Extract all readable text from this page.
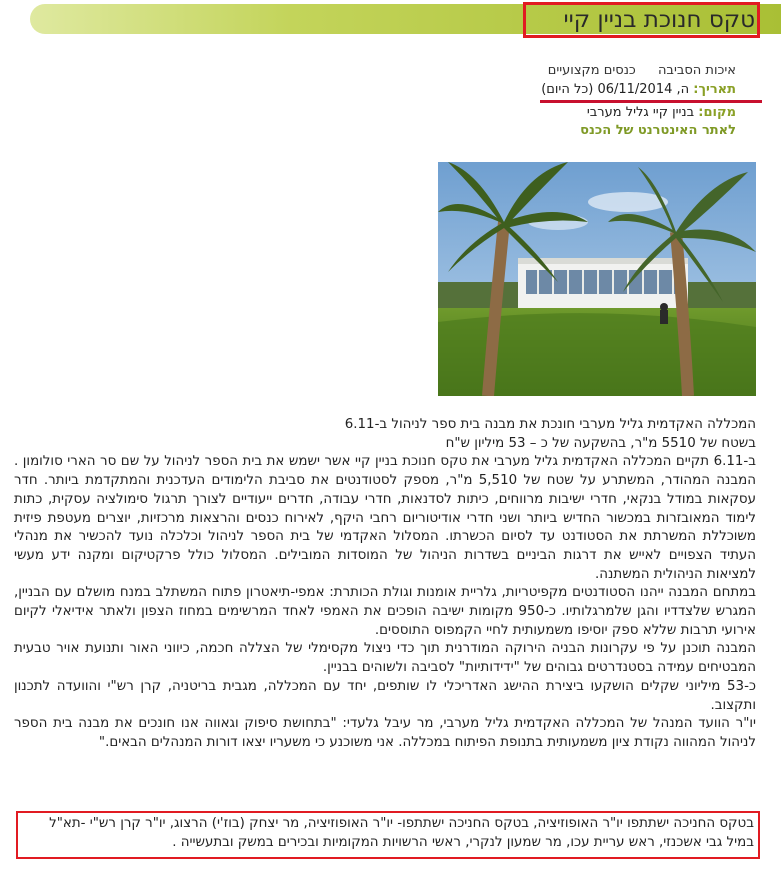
טקס חנוכת בניין קיי
איכות הסביבה כנסים מקצועיים
תאריך: ה, 06/11/2014 (כל היום)
מקום: בניין קיי גליל מערבי
לאתר האינטרנט של הכנס

המכללה האקדמית גליל מערבי חונכת את מבנה בית ספר לניהול ב-6.11

בשטח של 5510 מ"ר, בהשקעה של כ – 53 מיליון ש"ח

ב-6.11 תקיים המכללה האקדמית גליל מערבי את טקס חנוכת בניין קיי אשר ישמש את בית הספר לניהול על שם סר הארי סולומון . המבנה המהודר, המשתרע על שטח של 5,510 מ"ר, מספק לסטודנטים את סביבת הלימודים העדכנית והמתקדמת ביותר. חדר עסקאות במודל בנקאי, חדרי ישיבות מרווחים, כיתות לסדנאות, חדרי עבודה, חדרים ייעודיים לצורך תרגול סימולציה עסקית, כתות לימוד המאובזרות במכשור החדיש ביותר ושני חדרי אודיטוריום רחבי היקף, לאירוח כנסים והרצאות מרכזיות, יוצרים מעטפת פיזית משוכללת המשרתת את הסטודנט עד לסיום הכשרתו. המסלול האקדמי של בית הספר לניהול וכלכלה נועד להכשיר את מנהלי העתיד הצפויים לאייש את דרגות הביניים בשדרות הניהול של המוסדות המובילים. המסלול כולל פרקטיקום ומקנה ידע מעשי למציאות הניהולית המשתנה.

במתחם המבנה ייהנו הסטודנטים מקפיטריות, גלריית אומנות וגולת הכותרת: אמפי-תיאטרון פתוח המשתלב במנח מושלם עם הבניין, המגרש שלצדדיו והגן שלמרגלותיו. כ-950 מקומות ישיבה הופכים את האמפי לאחד המרשימים במחוז הצפון ולאתר אידיאלי לקיום אירועי תרבות שללא ספק יוסיפו משמעותית לחיי הקמפוס התוססים.

המבנה תוכנן על פי עקרונות הבניה הירוקה המודרנית תוך כדי ניצול מקסימלי של הצללה חכמה, כיווני האור ותנועת אויר טבעית המבטיחים עמידה בסטנדרטים גבוהים של "ידידותיות" לסביבה ולשוהים בבניין.

כ-53 מיליוני שקלים הושקעו ביצירת ההישג האדריכלי לו שותפים, יחד עם המכללה, מגבית בריטניה, קרן רש"י והוועדה לתכנון ותקצוב.

יו"ר הוועד המנהל של המכללה האקדמית גליל מערבי, מר עיבל גלעדי: "בתחושת סיפוק וגאווה אנו חונכים את מבנה בית הספר לניהול המהווה נקודת ציון משמעותית בתנופת הפיתוח במכללה. אני משוכנע כי משעריו יצאו דורות המנהלים הבאים."

בטקס החניכה ישתתפו יו"ר האופוזיציה, בטקס החניכה ישתתפו- יו"ר האופוזיציה, מר יצחק (בוז'י) הרצוג, יו"ר קרן רש"י -תא"ל במיל גבי אשכנזי, ראש עריית עכו, מר שמעון לנקרי, ראשי הרשויות המקומיות ובכירים במשק ובתעשייה .
